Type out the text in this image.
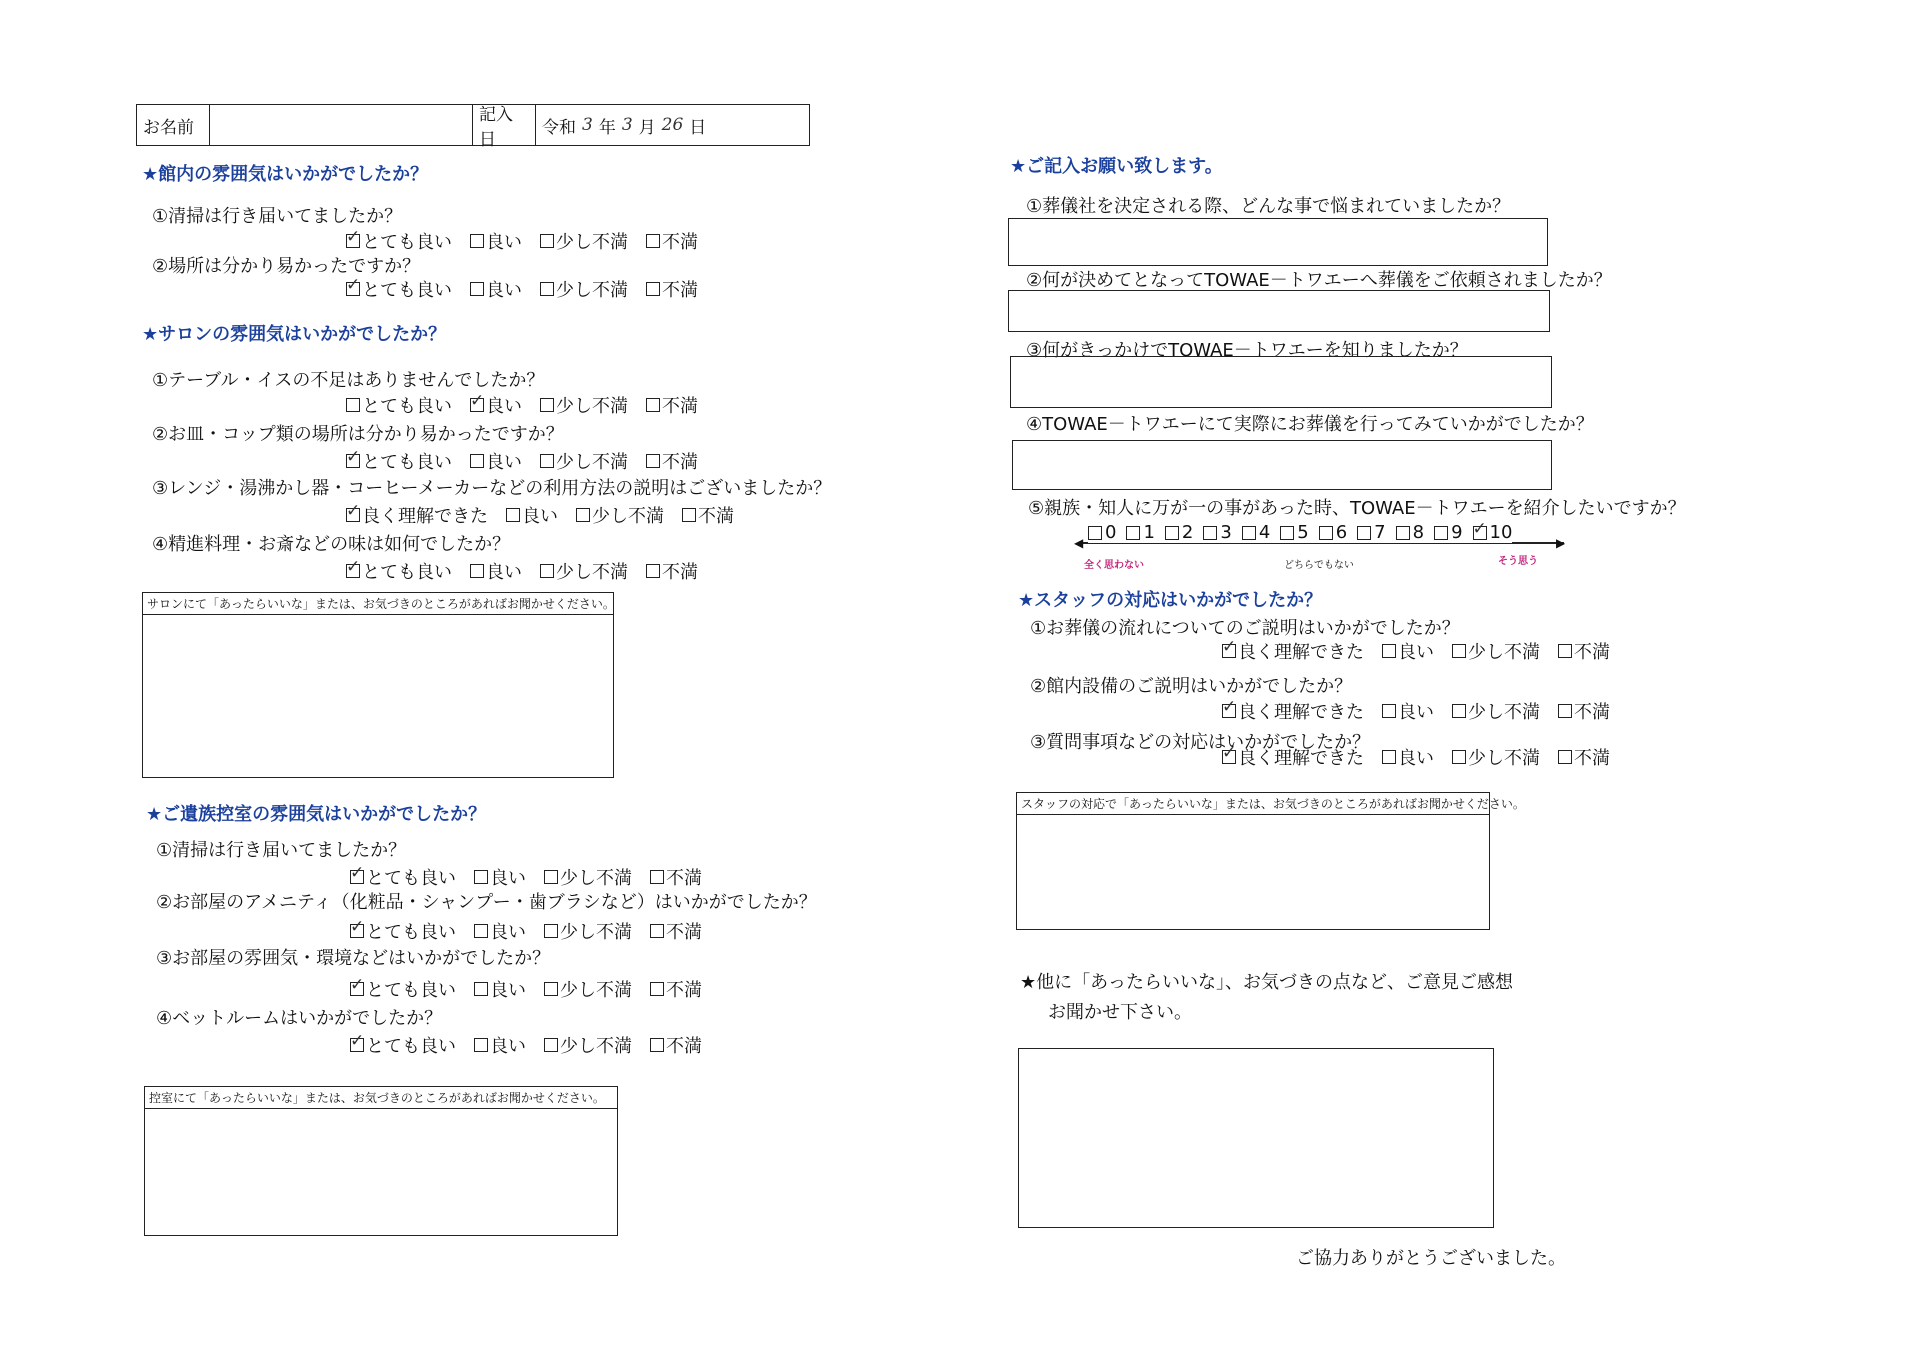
お名前
記入日
令和 3 年 3 月 26 日
★館内の雰囲気はいかがでしたか？
①清掃は行き届いてましたか？
✓
とても良い 良い 少し不満 不満
②場所は分かり易かったですか？
✓
とても良い 良い 少し不満 不満
★サロンの雰囲気はいかがでしたか？
①テーブル・イスの不足はありませんでしたか？
とても良い ✓ 良い 少し不満 不満
②お皿・コップ類の場所は分かり易かったですか？
✓
とても良い 良い 少し不満 不満
③レンジ・湯沸かし器・コーヒーメーカーなどの利用方法の説明はございましたか？
✓
良く理解できた 良い 少し不満 不満
④精進料理・お斎などの味は如何でしたか？
✓
とても良い 良い 少し不満 不満
サロンにて「あったらいいな」または、お気づきのところがあればお聞かせください。
★ご遺族控室の雰囲気はいかがでしたか？
①清掃は行き届いてましたか？
✓
とても良い 良い 少し不満 不満
②お部屋のアメニティ（化粧品・シャンプー・歯ブラシなど）はいかがでしたか？
✓
とても良い 良い 少し不満 不満
③お部屋の雰囲気・環境などはいかがでしたか？
✓
とても良い 良い 少し不満 不満
④ベットルームはいかがでしたか？
✓
とても良い 良い 少し不満 不満
控室にて「あったらいいな」または、お気づきのところがあればお聞かせください。
★ご記入お願い致します。
①葬儀社を決定される際、どんな事で悩まれていましたか？
②何が決めてとなってTOWAE－トワエーへ葬儀をご依頼されましたか？
③何がきっかけでTOWAE－トワエーを知りましたか？
④TOWAE－トワエーにて実際にお葬儀を行ってみていかがでしたか？
⑤親族・知人に万が一の事があった時、TOWAE－トワエーを紹介したいですか？
◀	▶
0 1 2 3 4 5 6 7 8 9 ✓ 10
全く思わない	どちらでもない	そう思う
★スタッフの対応はいかがでしたか？
①お葬儀の流れについてのご説明はいかがでしたか？
✓
良く理解できた 良い 少し不満 不満
②館内設備のご説明はいかがでしたか？
✓
良く理解できた 良い 少し不満 不満
③質問事項などの対応はいかがでしたか？
✓
良く理解できた 良い 少し不満 不満
スタッフの対応で「あったらいいな」または、お気づきのところがあればお聞かせください。
★他に「あったらいいな」、お気づきの点など、ご意見ご感想
お聞かせ下さい。
ご協力ありがとうございました。
